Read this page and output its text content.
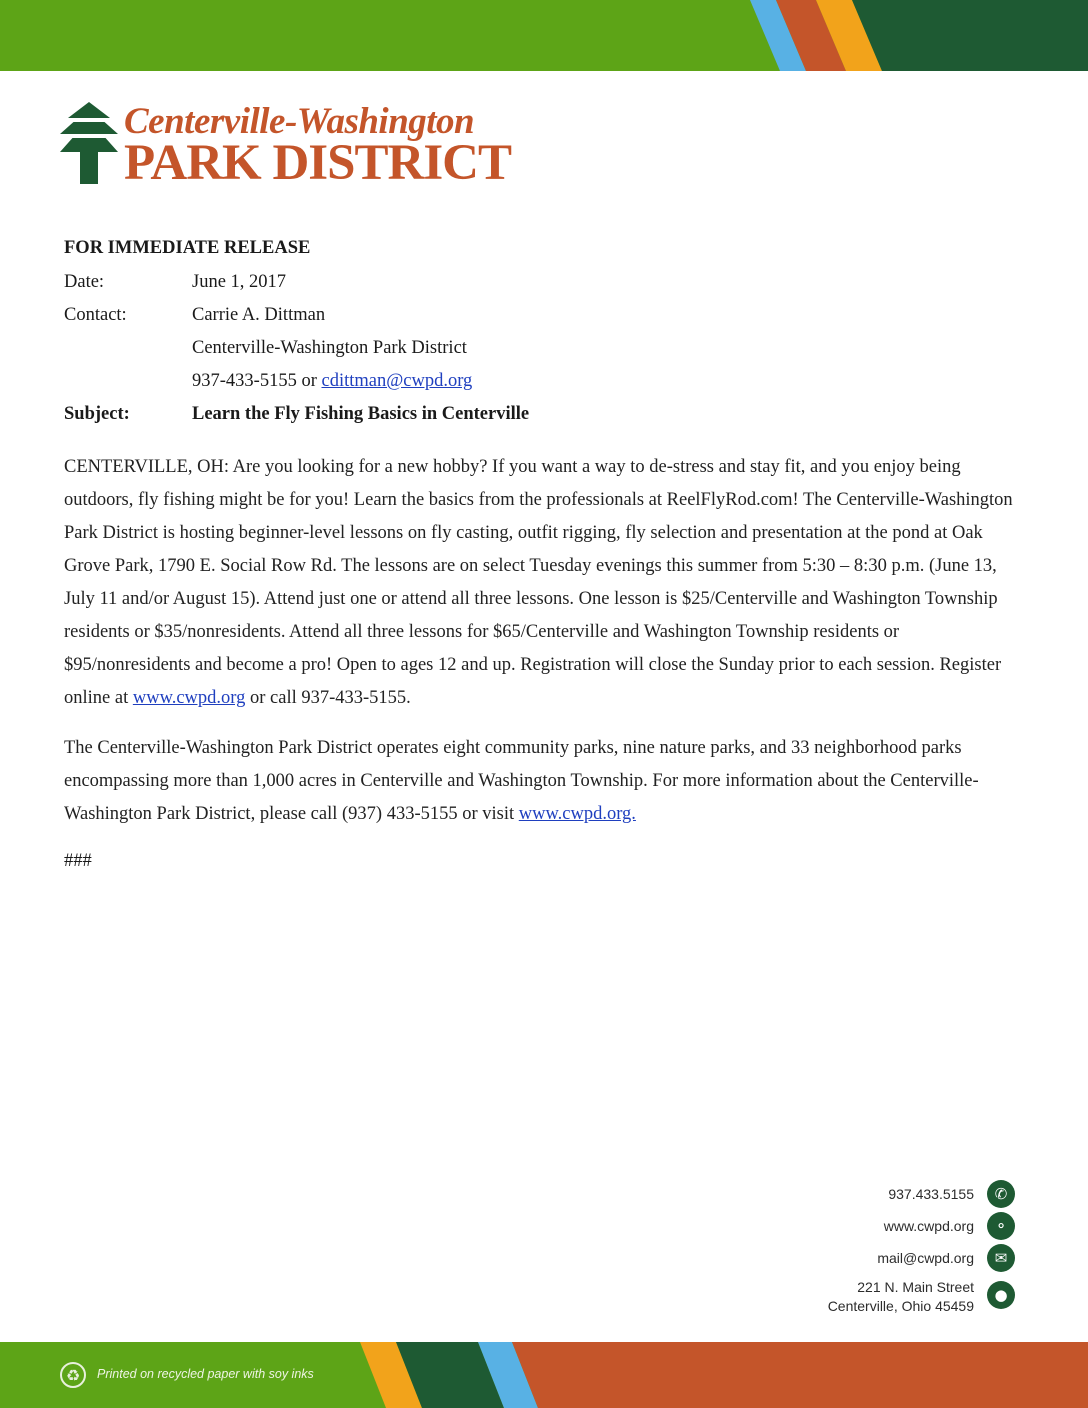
Centerville-Washington
PARK DISTRICT
FOR IMMEDIATE RELEASE
Date:	June 1, 2017
Contact:	Carrie A. Dittman
Centerville-Washington Park District
937-433-5155 or cdittman@cwpd.org
Subject:	Learn the Fly Fishing Basics in Centerville
CENTERVILLE, OH: Are you looking for a new hobby? If you want a way to de-stress and stay fit, and you enjoy being outdoors, fly fishing might be for you! Learn the basics from the professionals at ReelFlyRod.com! The Centerville-Washington Park District is hosting beginner-level lessons on fly casting, outfit rigging, fly selection and presentation at the pond at Oak Grove Park, 1790 E. Social Row Rd. The lessons are on select Tuesday evenings this summer from 5:30 – 8:30 p.m. (June 13, July 11 and/or August 15). Attend just one or attend all three lessons. One lesson is $25/Centerville and Washington Township residents or $35/nonresidents. Attend all three lessons for $65/Centerville and Washington Township residents or $95/nonresidents and become a pro! Open to ages 12 and up. Registration will close the Sunday prior to each session. Register online at www.cwpd.org or call 937-433-5155.
The Centerville-Washington Park District operates eight community parks, nine nature parks, and 33 neighborhood parks encompassing more than 1,000 acres in Centerville and Washington Township. For more information about the Centerville-Washington Park District, please call (937) 433-5155 or visit www.cwpd.org.
###
937.433.5155	✆
www.cwpd.org	⚬
mail@cwpd.org	✉
221 N. Main Street
Centerville, Ohio 45459
●
♻	Printed on recycled paper with soy inks
